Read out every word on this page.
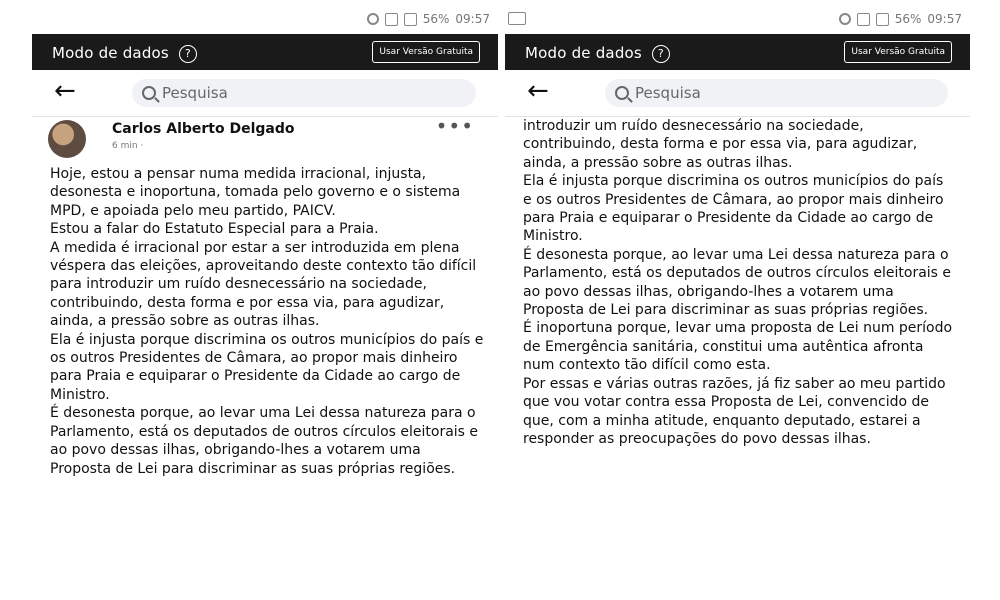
56% 09:57
Modo de dados ?	Usar Versão Gratuita
←	Pesquisa
Carlos Alberto Delgado
6 min ·
•••

Hoje, estou a pensar numa medida irracional, injusta, desonesta e inoportuna, tomada pelo governo e o sistema MPD, e apoiada pelo meu partido, PAICV.

Estou a falar do Estatuto Especial para a Praia.

A medida é irracional por estar a ser introduzida em plena véspera das eleições, aproveitando deste contexto tão difícil para introduzir um ruído desnecessário na sociedade, contribuindo, desta forma e por essa via, para agudizar, ainda, a pressão sobre as outras ilhas.

Ela é injusta porque discrimina os outros municípios do país e os outros Presidentes de Câmara, ao propor mais dinheiro para Praia e equiparar o Presidente da Cidade ao cargo de Ministro.

É desonesta porque, ao levar uma Lei dessa natureza para o Parlamento, está os deputados de outros círculos eleitorais e ao povo dessas ilhas, obrigando-lhes a votarem uma Proposta de Lei para discriminar as suas próprias regiões.

56% 09:57
Modo de dados ?	Usar Versão Gratuita
←	Pesquisa

introduzir um ruído desnecessário na sociedade, contribuindo, desta forma e por essa via, para agudizar, ainda, a pressão sobre as outras ilhas.

Ela é injusta porque discrimina os outros municípios do país e os outros Presidentes de Câmara, ao propor mais dinheiro para Praia e equiparar o Presidente da Cidade ao cargo de Ministro.

É desonesta porque, ao levar uma Lei dessa natureza para o Parlamento, está os deputados de outros círculos eleitorais e ao povo dessas ilhas, obrigando-lhes a votarem uma Proposta de Lei para discriminar as suas próprias regiões.

É inoportuna porque, levar uma proposta de Lei num período de Emergência sanitária, constitui uma autêntica afronta num contexto tão difícil como esta.

Por essas e várias outras razões, já fiz saber ao meu partido que vou votar contra essa Proposta de Lei, convencido de que, com a minha atitude, enquanto deputado, estarei a responder as preocupações do povo dessas ilhas.
